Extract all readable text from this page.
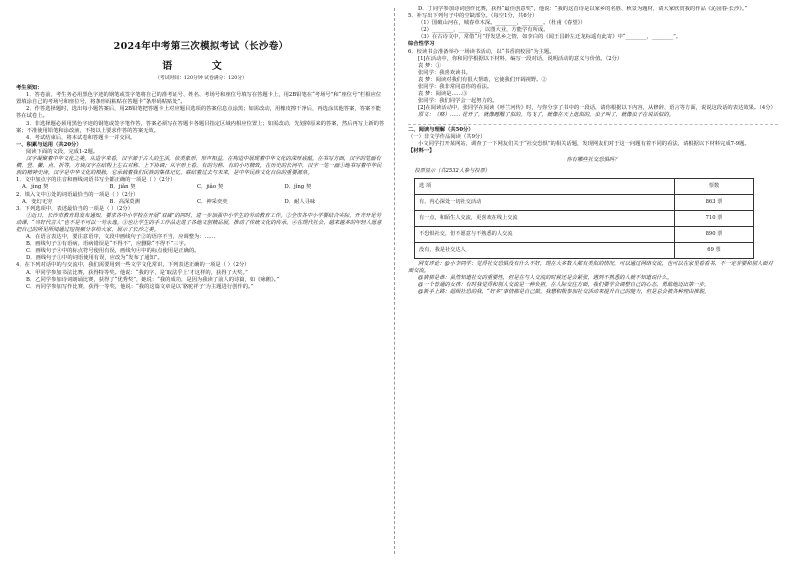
2024年中考第三次模拟考试（长沙卷）
语 文
（考试时间：120分钟 试卷满分：120分）
考生须知：

1．答卷前，考生务必用黑色字迹的钢笔或签字笔将自己的准考证号、姓名、考场号和座位号填写在答题卡上，用2B铅笔在“考场号”和“座位号”栏相应位置填涂自己的考场号和座位号，将条形码粘贴在答题卡“条形码粘贴处”。

2．作答选择题时，选出每小题答案后，用2B铅笔把答题卡上对应题目选项的答案信息点涂黑；如需改动，用橡皮擦干净后，再选涂其他答案，答案不能答在试卷上。

3．非选择题必须用黑色字迹的钢笔或签字笔作答，答案必须写在答题卡各题目指定区域内相应位置上；如需改动，先划掉原来的答案，然后再写上新的答案；不准使用铅笔和涂改液，不按以上要求作答的答案无效。

4．考试结束后，将本试卷和答题卡一并交回。

一、积累与运用（共20分）

阅读下面的文段，完成1-2题。

汉字凝聚着中华文化之美。从造字来看，汉字源于古人的生活，依类象形，形声相益，在构造中展现着中华文化的深厚底蕴。在书写方面，汉字的笔画有横、竖、撇、点、折等，方块汉字在结构上左右对称、上下协调；从字形上看，有的匀称、有的小巧精致，在历史的长河中，汉字一笔一画①地书写着中华民族的精神史诗。汉字是中华文化的根脉，它承载着我们民族的集体记忆，联结着过去与未来，是中华民族文化自信的重要源泉。

1．文中加点字的注音和画线词语书写全都正确的一项是（ ）（2分）

A．jìng 契	B．jiǎn 契	C．jiǎo 契	D．jǐng 契

2．填入文中①处的词语最恰当的一项是（ ）（2分）

A．变幻无穷	B．高深莫测	C．神采奕奕	D．耐人寻味

3．下列选项中，表述最恰当的一项是（ ）（2分）

①近日，长沙市教育局发布通知，要求各中小学校在开展“双减”的同时，进一步加强中小学生的劳动教育工作。②全市各中小学要结合实际，开齐开足劳动课，“当好代言人”也不是不可以一劳永逸。③也让学生的手工作品走进了各地文创精品展，推动了传统文化的传承。④在现代社会，越来越多的年轻人愿意把自己的所见所闻通过短视频分享给大家，展示了长沙之美。

A．在语言表达中，要注意语序，文段中画线句子②的语序不当，应调整为：……

B．画线句子③有语病，语病错误是“不得不”，应删除“不得不”三字。

C．画线句子④中的标点符号使用有误，画线句④中的标点使用是正确的。

D．画线句子①中的词语使用有误，应改为“发布了通知”。

4．在下列对话中的与交流中，我们需要用到一些文学文化常识，下列表述正确的一项是（ ）（2分）

A．甲同学参加书法比赛，获得特等奖。他说：“我的字，是‘取法乎上’才这样的，获得了大奖。”

B．乙同学参加诗词朗诵比赛，获得了“优秀奖”，她说：“我的成功，是因为我读了前人的诗篇，如《咏鹅》。”

C．丙同学参加写作比赛，获得一等奖，他说：“我的这篇文章是以‘骆驼祥子’为主题进行创作的。”

D．丁同学参加诗词创作比赛，获得“最佳创意奖”，他说：“我的这首诗是以家乡的名胜、秋景为题材，请大家欣赏我的作品《沁园春·长沙》。”

5．补写出下列句子中的空缺部分。（每空1分，共6分）

（1）国破山河在，城春草木深。________，________。（杜甫《春望》）

（2）________，________，以图大业，方能学有所成。

（3）在古诗文中，常借“月”抒发思乡之情，如李白的《闻王昌龄左迁龙标遥有此寄》中“________，________”。

综合性学习

6．校读书会准备举办一场读书活动，以“书香润校园”为主题。

[1]在活动中，你和同学根据以下材料，编写一段对话，说明活动的意义与价值。（2分）

袁 梦：①

张同学：我喜欢读书。

袁 梦：阅读对我们有很大帮助，它使我们开阔视野。②

张同学：我非常同意你的看法。

袁 梦：阅读是……③

张同学：我们同学会一起努力的。

[2]在阅读活动中，张同学在阅读《呼兰河传》时，与你分享了书中的一段话，请你根据以下内容，从修辞、语言等方面，说说这段话的表达效果。（4分）

原文：（略）…… 花开了，就像睡醒了似的。鸟飞了，就像在天上逛似的。虫子叫了，就像虫子在说话似的。

二、阅读与理解（共50分）

（一）非文学作品阅读（共9分）

小文同学打开某网站，调查了一下网友们关于“社交恐惧”的相关话题，发现网友们对于这一问题有着不同的看法，请根据以下材料完成7-9题。

【材料一】

你有哪些社交恐惧吗？
投票显示（共2532人参与投票）	
选 项	票数
有，内心深处一切社交活动	863 票
有一点，和陌生人交流，更喜欢在线上交流	710 票
不恐惧社交，但不愿意与不熟悉的人交流	890 票
没有，我是社交达人	69 票

网友评论：@小李同学：觉得社交恐惧没有什么不好，现在大多数人都有类似的情况，可以通过网络交流，也可以在家里看看书，不一定非要和别人面对面交流。

@猜猜是谁：虽然知道社交的重要性，但是在与人交流的时候还是会紧张，遇到不熟悉的人就不知道说什么。

@一个普通的女孩：有时我觉得和别人交流是一种负担，在人际交往方面，我们要学会调整自己的心态，勇敢地迈出第一步。

@新手上路：超级社恐的我，“好多”事情都是自己做。我想积极参加社交活动来提升自己的能力，但是总会被各种理由推脱。
